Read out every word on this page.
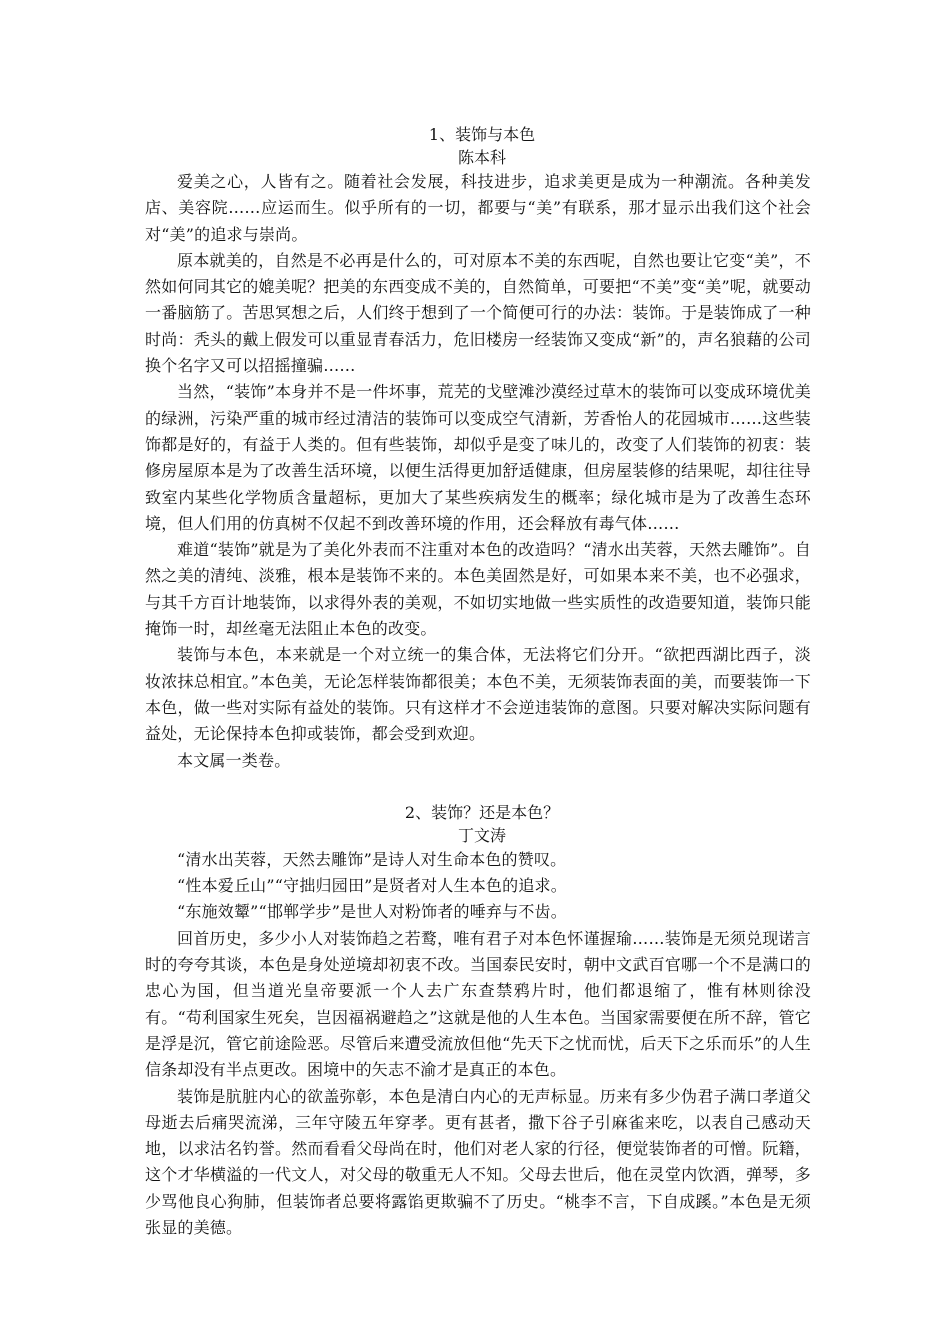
1、装饰与本色

陈本科

爱美之心，人皆有之。随着社会发展，科技进步，追求美更是成为一种潮流。各种美发店、美容院……应运而生。似乎所有的一切，都要与“美”有联系，那才显示出我们这个社会对“美”的追求与崇尚。

原本就美的，自然是不必再是什么的，可对原本不美的东西呢，自然也要让它变“美”，不然如何同其它的媲美呢？把美的东西变成不美的，自然简单，可要把“不美”变“美”呢，就要动一番脑筋了。苦思冥想之后，人们终于想到了一个简便可行的办法：装饰。于是装饰成了一种时尚：秃头的戴上假发可以重显青春活力，危旧楼房一经装饰又变成“新”的，声名狼藉的公司换个名字又可以招摇撞骗……

当然，“装饰”本身并不是一件坏事，荒芜的戈壁滩沙漠经过草木的装饰可以变成环境优美的绿洲，污染严重的城市经过清洁的装饰可以变成空气清新，芳香怡人的花园城市……这些装饰都是好的，有益于人类的。但有些装饰，却似乎是变了味儿的，改变了人们装饰的初衷：装修房屋原本是为了改善生活环境，以便生活得更加舒适健康，但房屋装修的结果呢，却往往导致室内某些化学物质含量超标，更加大了某些疾病发生的概率；绿化城市是为了改善生态环境，但人们用的仿真树不仅起不到改善环境的作用，还会释放有毒气体……

难道“装饰”就是为了美化外表而不注重对本色的改造吗？“清水出芙蓉，天然去雕饰”。自然之美的清纯、淡雅，根本是装饰不来的。本色美固然是好，可如果本来不美，也不必强求，与其千方百计地装饰，以求得外表的美观，不如切实地做一些实质性的改造要知道，装饰只能掩饰一时，却丝毫无法阻止本色的改变。

装饰与本色，本来就是一个对立统一的集合体，无法将它们分开。“欲把西湖比西子，淡妆浓抹总相宜。”本色美，无论怎样装饰都很美；本色不美，无须装饰表面的美，而要装饰一下本色，做一些对实际有益处的装饰。只有这样才不会逆违装饰的意图。只要对解决实际问题有益处，无论保持本色抑或装饰，都会受到欢迎。

本文属一类卷。

2、装饰？还是本色？

丁文涛

“清水出芙蓉，天然去雕饰”是诗人对生命本色的赞叹。

“性本爱丘山”“守拙归园田”是贤者对人生本色的追求。

“东施效颦”“邯郸学步”是世人对粉饰者的唾弃与不齿。

回首历史，多少小人对装饰趋之若鹜，唯有君子对本色怀谨握瑜……装饰是无须兑现诺言时的夸夸其谈，本色是身处逆境却初衷不改。当国泰民安时，朝中文武百官哪一个不是满口的忠心为国，但当道光皇帝要派一个人去广东查禁鸦片时，他们都退缩了，惟有林则徐没有。“苟利国家生死矣，岂因福祸避趋之”这就是他的人生本色。当国家需要便在所不辞，管它是浮是沉，管它前途险恶。尽管后来遭受流放但他“先天下之忧而忧，后天下之乐而乐”的人生信条却没有半点更改。困境中的矢志不渝才是真正的本色。

装饰是肮脏内心的欲盖弥彰，本色是清白内心的无声标显。历来有多少伪君子满口孝道父母逝去后痛哭流涕，三年守陵五年穿孝。更有甚者，撒下谷子引麻雀来吃，以表自己感动天地，以求沽名钓誉。然而看看父母尚在时，他们对老人家的行径，便觉装饰者的可憎。阮籍，这个才华横溢的一代文人，对父母的敬重无人不知。父母去世后，他在灵堂内饮酒，弹琴，多少骂他良心狗肺，但装饰者总要将露馅更欺骗不了历史。“桃李不言，下自成蹊。”本色是无须张显的美德。
